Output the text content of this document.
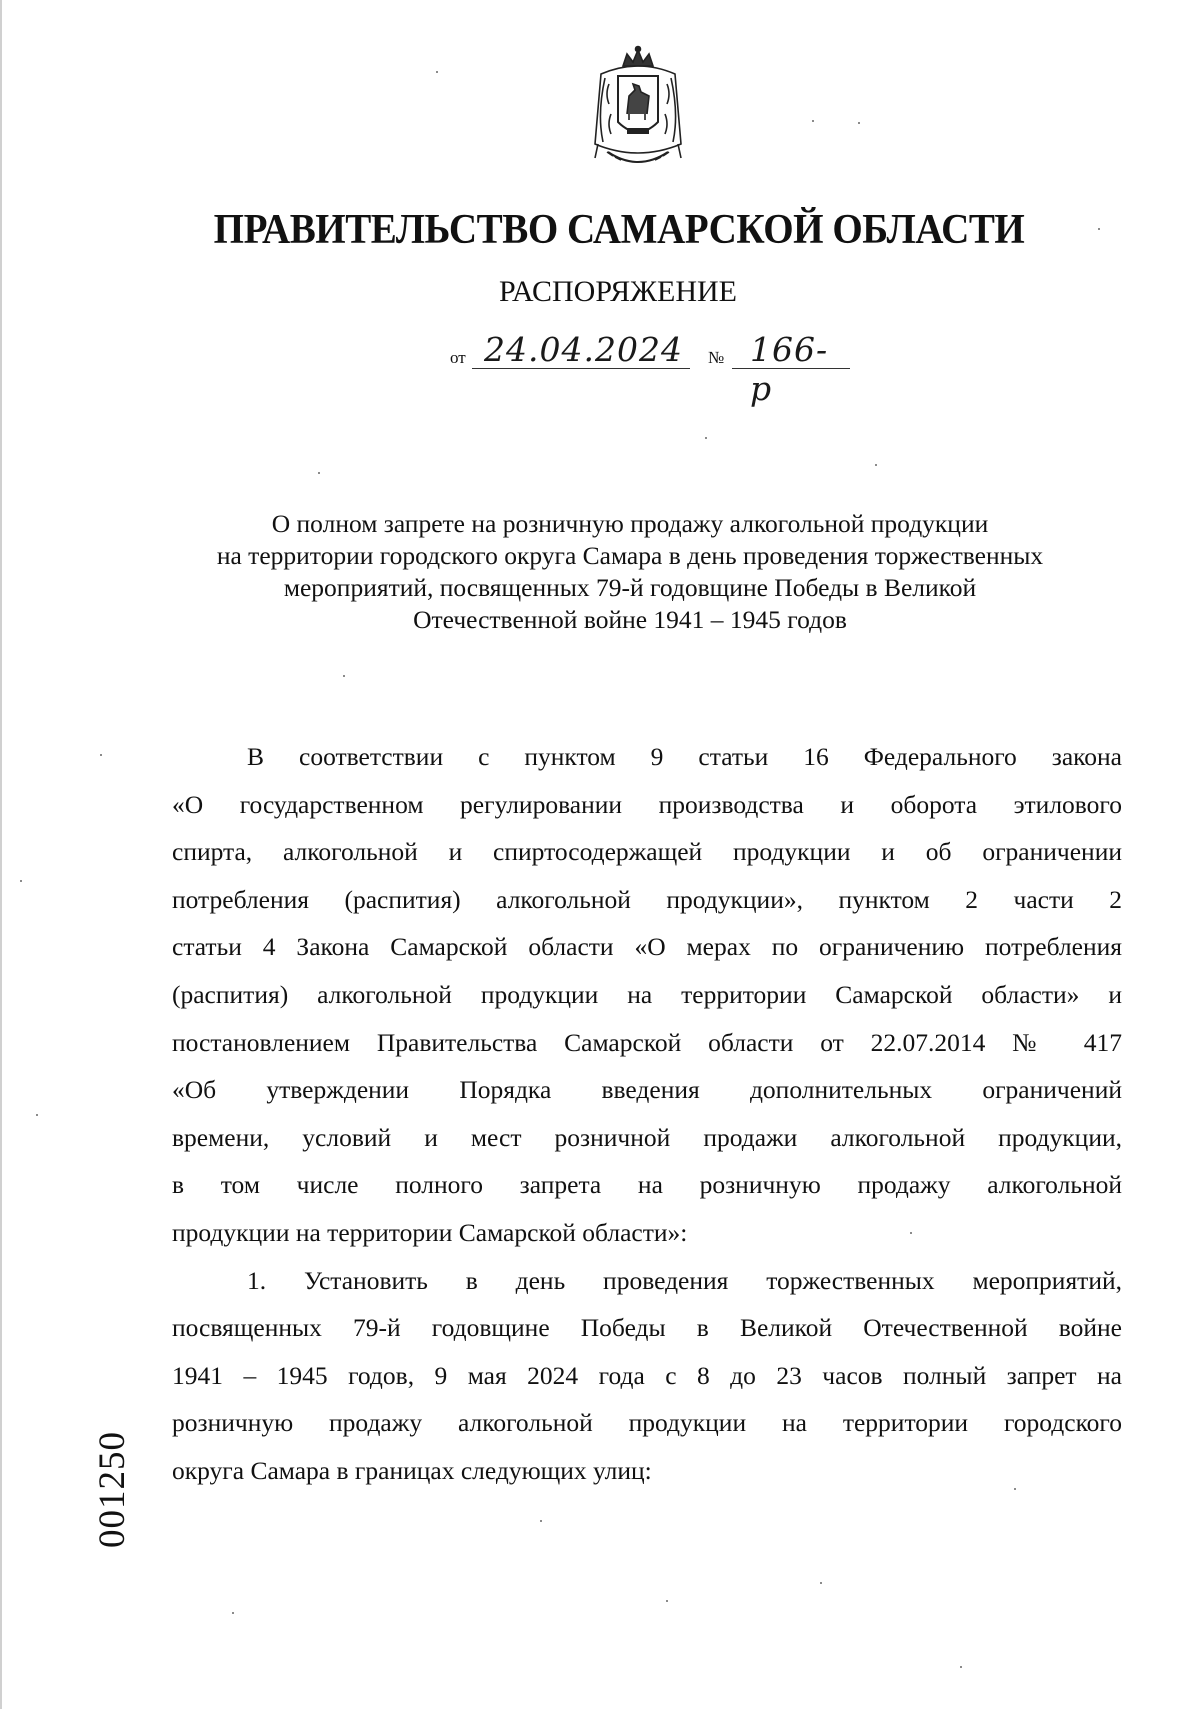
ПРАВИТЕЛЬСТВО САМАРСКОЙ ОБЛАСТИ
РАСПОРЯЖЕНИЕ
от 24.04.2024 № 166-р
О полном запрете на розничную продажу алкогольной продукции
на территории городского округа Самара в день проведения торжественных
мероприятий, посвященных 79-й годовщине Победы в Великой
Отечественной войне 1941 – 1945 годов
В соответствии с пунктом 9 статьи 16 Федерального закона
«О государственном регулировании производства и оборота этилового
спирта, алкогольной и спиртосодержащей продукции и об ограничении
потребления (распития) алкогольной продукции», пунктом 2 части 2
статьи 4 Закона Самарской области «О мерах по ограничению потребления
(распития) алкогольной продукции на территории Самарской области» и
постановлением Правительства Самарской области от 22.07.2014 № 417
«Об утверждении Порядка введения дополнительных ограничений
времени, условий и мест розничной продажи алкогольной продукции,
в том числе полного запрета на розничную продажу алкогольной
продукции на территории Самарской области»:
1. Установить в день проведения торжественных мероприятий,
посвященных 79-й годовщине Победы в Великой Отечественной войне
1941 – 1945 годов, 9 мая 2024 года с 8 до 23 часов полный запрет на
розничную продажу алкогольной продукции на территории городского
округа Самара в границах следующих улиц:
001250
